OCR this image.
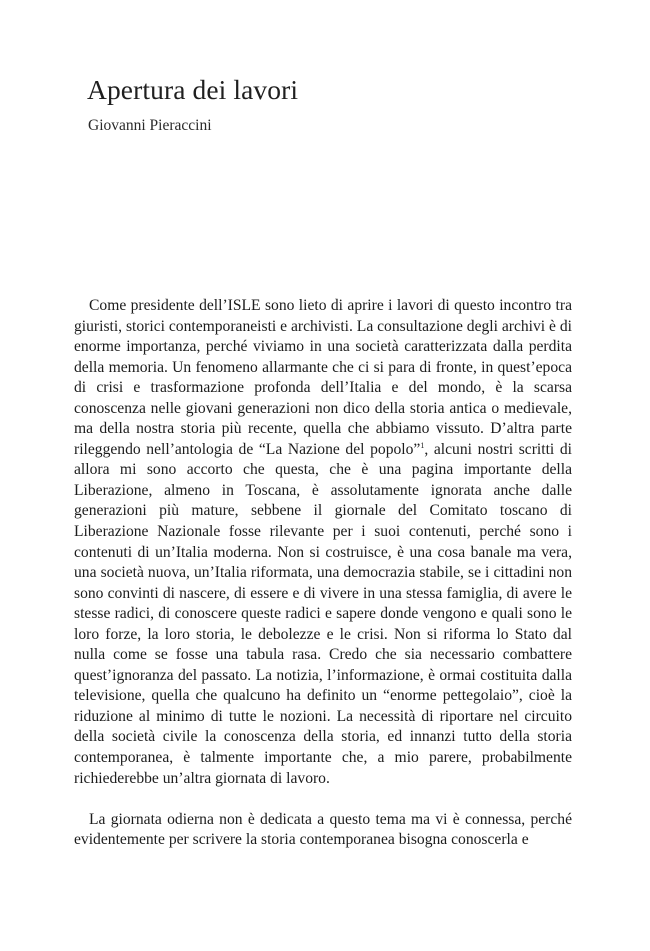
Apertura dei lavori
Giovanni Pieraccini

Come presidente dell’ISLE sono lieto di aprire i lavori di questo incontro tra giuristi, storici contemporaneisti e archivisti. La consultazione degli archivi è di enorme importanza, perché viviamo in una società caratterizzata dalla perdita della memoria. Un fenomeno allarmante che ci si para di fronte, in quest’epoca di crisi e trasformazione profonda dell’Italia e del mondo, è la scarsa conoscenza nelle giovani generazioni non dico della storia antica o medievale, ma della nostra storia più recente, quella che abbiamo vissuto. D’altra parte rileggendo nell’antologia de “La Nazione del popolo”$^1$, alcuni nostri scritti di allora mi sono accorto che questa, che è una pagina importante della Liberazione, almeno in Toscana, è assolutamente ignorata anche dalle generazioni più mature, sebbene il giornale del Comitato toscano di Liberazione Nazionale fosse rilevante per i suoi contenuti, perché sono i contenuti di un’Italia moderna. Non si costruisce, è una cosa banale ma vera, una società nuova, un’Italia riformata, una democrazia stabile, se i cittadini non sono convinti di nascere, di essere e di vivere in una stessa famiglia, di avere le stesse radici, di conoscere queste radici e sapere donde vengono e quali sono le loro forze, la loro storia, le debolezze e le crisi. Non si riforma lo Stato dal nulla come se fosse una tabula rasa. Credo che sia necessario combattere quest’ignoranza del passato. La notizia, l’informazione, è ormai costituita dalla televisione, quella che qualcuno ha definito un “enorme pettegolaio”, cioè la riduzione al minimo di tutte le nozioni. La necessità di riportare nel circuito della società civile la conoscenza della storia, ed innanzi tutto della storia contemporanea, è talmente importante che, a mio parere, probabilmente richiederebbe un’altra giornata di lavoro.

La giornata odierna non è dedicata a questo tema ma vi è connessa, perché evidentemente per scrivere la storia contemporanea bisogna conoscerla e
